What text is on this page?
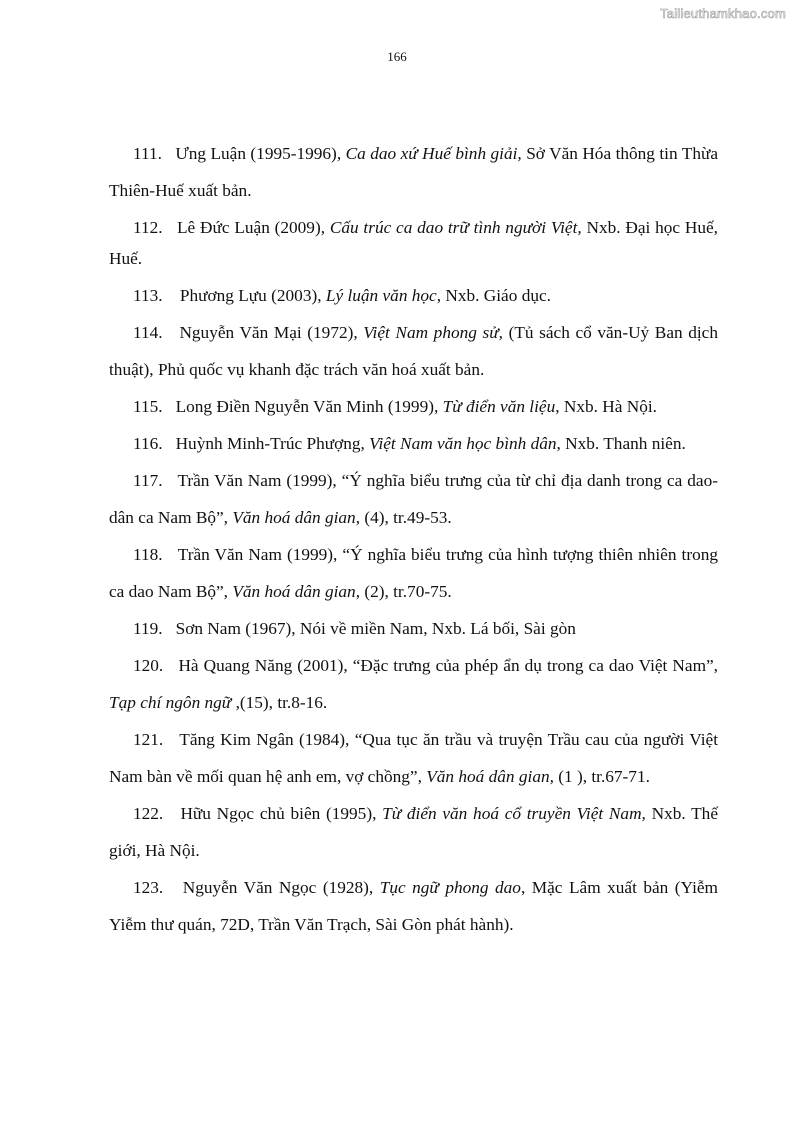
Tailieuthamkhao.com
166
111. Ưng Luận (1995-1996), Ca dao xứ Huế bình giải, Sở Văn Hóa thông tin Thừa Thiên-Huế xuất bản.
112. Lê Đức Luận (2009), Cấu trúc ca dao trữ tình người Việt, Nxb. Đại học Huế, Huế.
113.    Phương Lựu (2003), Lý luận văn học, Nxb. Giáo dục.
114. Nguyễn Văn Mại (1972), Việt Nam phong sử, (Tủ sách cổ văn-Uỷ Ban dịch thuật), Phủ quốc vụ khanh đặc trách văn hoá xuất bản.
115. Long Điền Nguyễn Văn Minh (1999), Từ điển văn liệu, Nxb. Hà Nội.
116. Huỳnh Minh-Trúc Phượng, Việt Nam văn học bình dân, Nxb. Thanh niên.
117. Trần Văn Nam (1999), “Ý nghĩa biểu trưng của từ chỉ địa danh trong ca dao-dân ca Nam Bộ”, Văn hoá dân gian, (4), tr.49-53.
118. Trần Văn Nam (1999), “Ý nghĩa biểu trưng của hình tượng thiên nhiên trong ca dao Nam Bộ”, Văn hoá dân gian, (2), tr.70-75.
119. Sơn Nam (1967), Nói về miền Nam, Nxb. Lá bối, Sài gòn
120. Hà Quang Năng (2001), “Đặc trưng của phép ẩn dụ trong ca dao Việt Nam”, Tạp chí ngôn ngữ ,(15), tr.8-16.
121. Tăng Kim Ngân (1984), “Qua tục ăn trầu và truyện Trầu cau của người Việt Nam bàn về mối quan hệ anh em, vợ chồng”, Văn hoá dân gian, (1 ), tr.67-71.
122. Hữu Ngọc chủ biên (1995), Từ điển văn hoá cổ truyền Việt Nam, Nxb. Thế giới, Hà Nội.
123. Nguyễn Văn Ngọc (1928), Tục ngữ phong dao, Mặc Lâm xuất bản (Yiễm Yiễm thư quán, 72D, Trần Văn Trạch, Sài Gòn phát hành).
